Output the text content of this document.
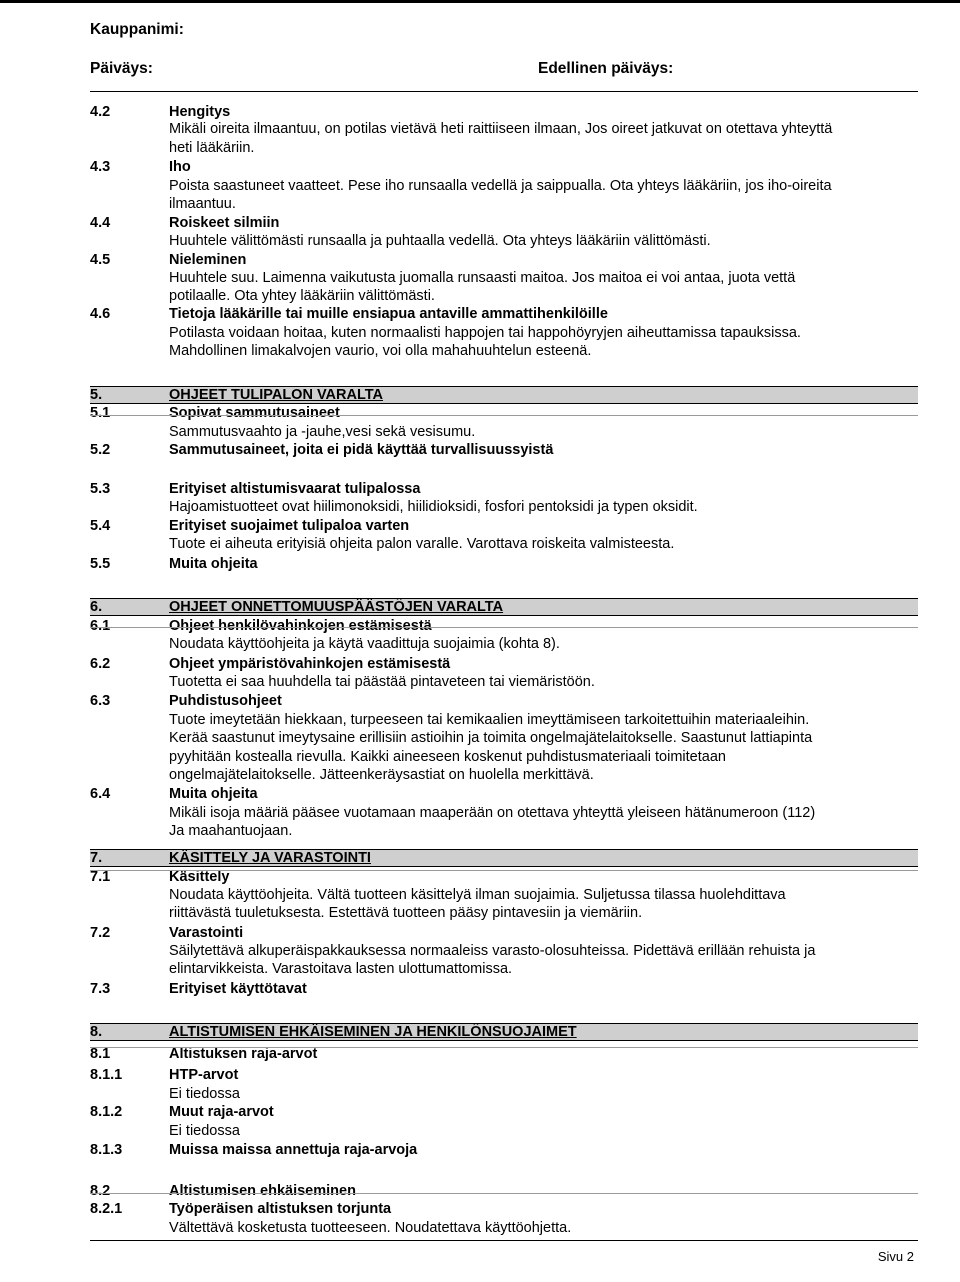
Kauppanimi:
Päiväys:	Edellinen päiväys:
4.2	Hengitys
Mikäli oireita ilmaantuu, on potilas vietävä heti raittiiseen ilmaan, Jos oireet jatkuvat on otettava yhteyttä
heti lääkäriin.
4.3	Iho
Poista saastuneet vaatteet. Pese iho runsaalla vedellä ja saippualla. Ota yhteys lääkäriin, jos iho-oireita
ilmaantuu.
4.4	Roiskeet silmiin
Huuhtele välittömästi runsaalla ja puhtaalla vedellä. Ota yhteys lääkäriin välittömästi.
4.5	Nieleminen
Huuhtele suu. Laimenna vaikutusta juomalla runsaasti maitoa. Jos maitoa ei voi antaa, juota vettä
potilaalle. Ota yhtey lääkäriin välittömästi.
4.6	Tietoja lääkärille tai muille ensiapua antaville ammattihenkilöille
Potilasta voidaan hoitaa, kuten normaalisti happojen tai happohöyryjen aiheuttamissa tapauksissa.
Mahdollinen limakalvojen vaurio, voi olla mahahuuhtelun esteenä.
5.	OHJEET TULIPALON VARALTA
5.1	Sopivat sammutusaineet
Sammutusvaahto ja -jauhe,vesi sekä vesisumu.
5.2	Sammutusaineet, joita ei pidä käyttää turvallisuussyistä
5.3	Erityiset altistumisvaarat tulipalossa
Hajoamistuotteet ovat hiilimonoksidi, hiilidioksidi, fosfori pentoksidi ja typen oksidit.
5.4	Erityiset suojaimet tulipaloa varten
Tuote ei aiheuta erityisiä ohjeita palon varalle. Varottava roiskeita valmisteesta.
5.5	Muita ohjeita
6.	OHJEET ONNETTOMUUSPÄÄSTÖJEN VARALTA
6.1	Ohjeet henkilövahinkojen estämisestä
Noudata käyttöohjeita ja käytä vaadittuja suojaimia (kohta 8).
6.2	Ohjeet ympäristövahinkojen estämisestä
Tuotetta ei saa huuhdella tai päästää pintaveteen tai viemäristöön.
6.3	Puhdistusohjeet
Tuote imeytetään hiekkaan, turpeeseen tai kemikaalien imeyttämiseen tarkoitettuihin materiaaleihin.
Kerää saastunut imeytysaine erillisiin astioihin ja toimita ongelmajätelaitokselle. Saastunut lattiapinta
pyyhitään kostealla rievulla. Kaikki aineeseen koskenut puhdistusmateriaali toimitetaan
ongelmajätelaitokselle. Jätteenkeräysastiat on huolella merkittävä.
6.4	Muita ohjeita
Mikäli isoja määriä pääsee vuotamaan maaperään on otettava yhteyttä yleiseen hätänumeroon (112)
Ja maahantuojaan.
7.	KÄSITTELY JA VARASTOINTI
7.1	Käsittely
Noudata käyttöohjeita. Vältä tuotteen käsittelyä ilman suojaimia. Suljetussa tilassa huolehdittava
riittävästä tuuletuksesta. Estettävä tuotteen pääsy pintavesiin ja viemäriin.
7.2	Varastointi
Säilytettävä alkuperäispakkauksessa normaaleiss varasto-olosuhteissa. Pidettävä erillään rehuista ja
elintarvikkeista. Varastoitava lasten ulottumattomissa.
7.3	Erityiset käyttötavat
8.	ALTISTUMISEN EHKÄISEMINEN JA HENKILÖNSUOJAIMET
8.1	Altistuksen raja-arvot
8.1.1	HTP-arvot
Ei tiedossa
8.1.2	Muut raja-arvot
Ei tiedossa
8.1.3	Muissa maissa annettuja raja-arvoja
8.2	Altistumisen ehkäiseminen
8.2.1	Työperäisen altistuksen torjunta
Vältettävä kosketusta tuotteeseen. Noudatettava käyttöohjetta.
Sivu 2
